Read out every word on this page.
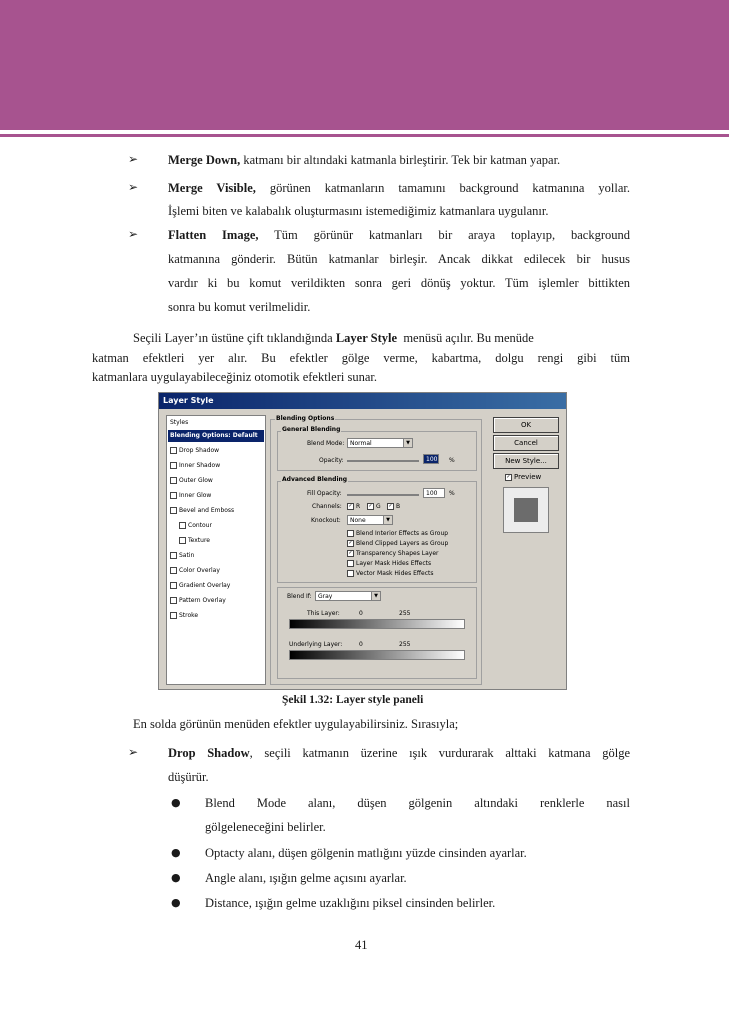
➢ Merge Down, katmanı bir altındaki katmanla birleştirir. Tek bir katman yapar.
➢ Merge Visible, görünen katmanların tamamını background katmanına yollar.
İşlemi biten ve kalabalık oluşturmasını istemediğimiz katmanlara uygulanır.
➢ Flatten Image, Tüm görünür katmanları bir araya toplayıp, background
katmanına gönderir. Bütün katmanlar birleşir. Ancak dikkat edilecek bir husus
vardır ki bu komut verildikten sonra geri dönüş yoktur. Tüm işlemler bittikten
sonra bu komut verilmelidir.
Seçili Layer’ın üstüne çift tıklandığında Layer Style menüsü açılır. Bu menüde
katman efektleri yer alır. Bu efektler gölge verme, kabartma, dolgu rengi gibi tüm
katmanlara uygulayabileceğiniz otomotik efektleri sunar.
Layer Style
Styles
Blending Options: Default
Drop Shadow
Inner Shadow
Outer Glow
Inner Glow
Bevel and Emboss
Contour
Texture
Satin
Color Overlay
Gradient Overlay
Pattern Overlay
Stroke
Blending Options
General Blending
Blend Mode: Normal	▼
Opacity:	100 %
Advanced Blending
Fill Opacity:	100	%
Channels: ✓ R ✓ G ✓ B
Knockout:	None	▼
Blend Interior Effects as Group
✓ Blend Clipped Layers as Group
✓ Transparency Shapes Layer
Layer Mask Hides Effects
Vector Mask Hides Effects
Blend If:	Gray	▼
This Layer:	0	255
Underlying Layer:	0	255
OK
Cancel
New Style...
✓ Preview
Şekil 1.32: Layer style paneli
En solda görünün menüden efektler uygulayabilirsiniz. Sırasıyla;
➢ Drop Shadow, seçili katmanın üzerine ışık vurdurarak alttaki katmana gölge
düşürür.
● Blend Mode alanı, düşen gölgenin altındaki renklerle nasıl
gölgeleneceğini belirler.
● Optacty alanı, düşen gölgenin matlığını yüzde cinsinden ayarlar.
● Angle alanı, ışığın gelme açısını ayarlar.
● Distance, ışığın gelme uzaklığını piksel cinsinden belirler.
41
